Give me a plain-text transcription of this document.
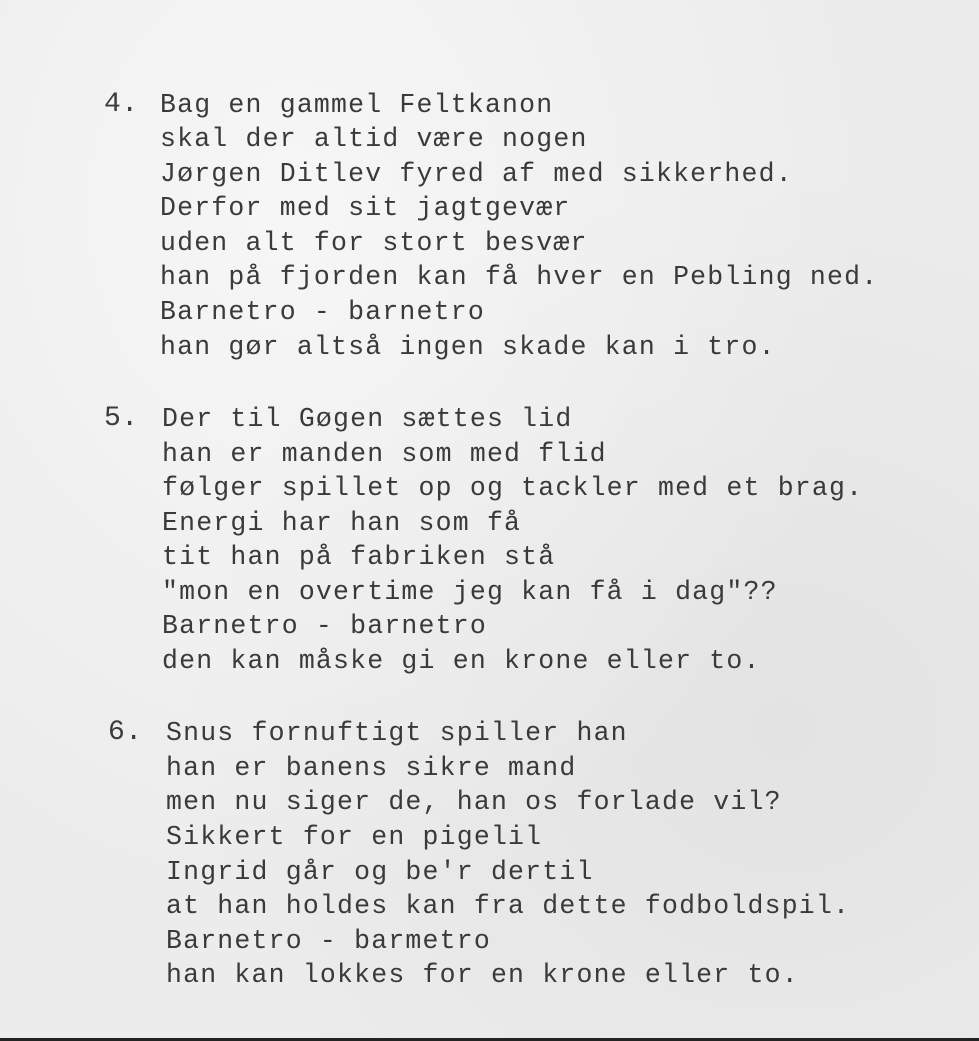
4. Bag en gammel Feltkanon
skal der altid være nogen
Jørgen Ditlev fyred af med sikkerhed.
Derfor med sit jagtgevær
uden alt for stort besvær
han på fjorden kan få hver en Pebling ned.
Barnetro - barnetro
han gør altså ingen skade kan i tro.
5. Der til Gøgen sættes lid
han er manden som med flid
følger spillet op og tackler med et brag.
Energi har han som få
tit han på fabriken stå
"mon en overtime jeg kan få i dag"??
Barnetro - barnetro
den kan måske gi en krone eller to.
6. Snus fornuftigt spiller han
han er banens sikre mand
men nu siger de, han os forlade vil?
Sikkert for en pigelil
Ingrid går og be'r dertil
at han holdes kan fra dette fodboldspil.
Barnetro - barmetro
han kan lokkes for en krone eller to.
